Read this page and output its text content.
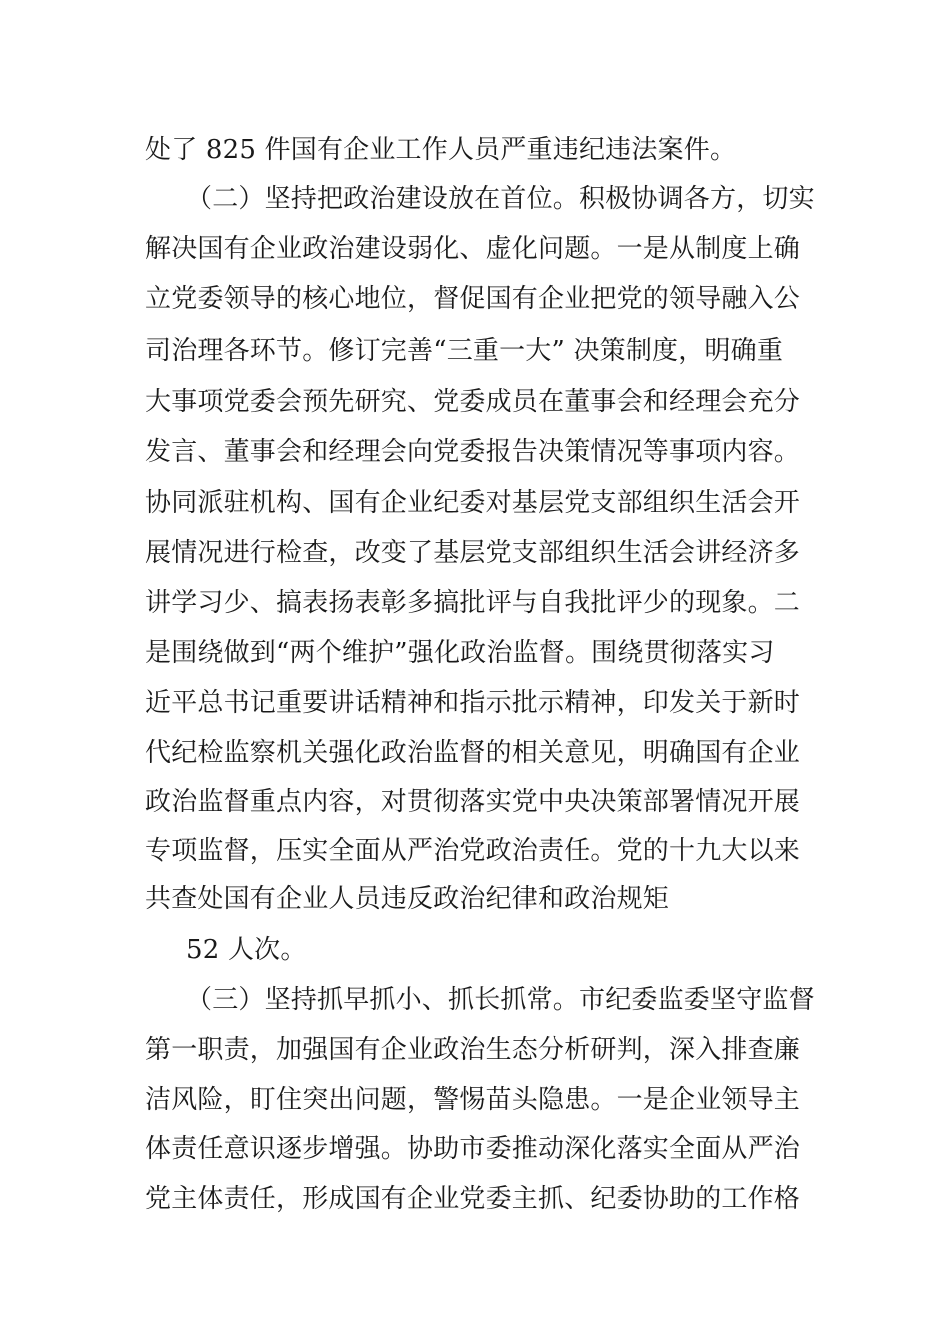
处了 825 件国有企业工作人员严重违纪违法案件。
（二）坚持把政治建设放在首位。积极协调各方，切实
解决国有企业政治建设弱化、虚化问题。一是从制度上确
立党委领导的核心地位，督促国有企业把党的领导融入公
司治理各环节。修订完善“三重一大” 决策制度，明确重
大事项党委会预先研究、党委成员在董事会和经理会充分
发言、董事会和经理会向党委报告决策情况等事项内容。
协同派驻机构、国有企业纪委对基层党支部组织生活会开
展情况进行检查，改变了基层党支部组织生活会讲经济多
讲学习少、搞表扬表彰多搞批评与自我批评少的现象。二
是围绕做到“两个维护”强化政治监督。围绕贯彻落实习
近平总书记重要讲话精神和指示批示精神，印发关于新时
代纪检监察机关强化政治监督的相关意见，明确国有企业
政治监督重点内容，对贯彻落实党中央决策部署情况开展
专项监督，压实全面从严治党政治责任。党的十九大以来
共查处国有企业人员违反政治纪律和政治规矩
52 人次。
（三）坚持抓早抓小、抓长抓常。市纪委监委坚守监督
第一职责，加强国有企业政治生态分析研判，深入排查廉
洁风险，盯住突出问题，警惕苗头隐患。一是企业领导主
体责任意识逐步增强。协助市委推动深化落实全面从严治
党主体责任，形成国有企业党委主抓、纪委协助的工作格
